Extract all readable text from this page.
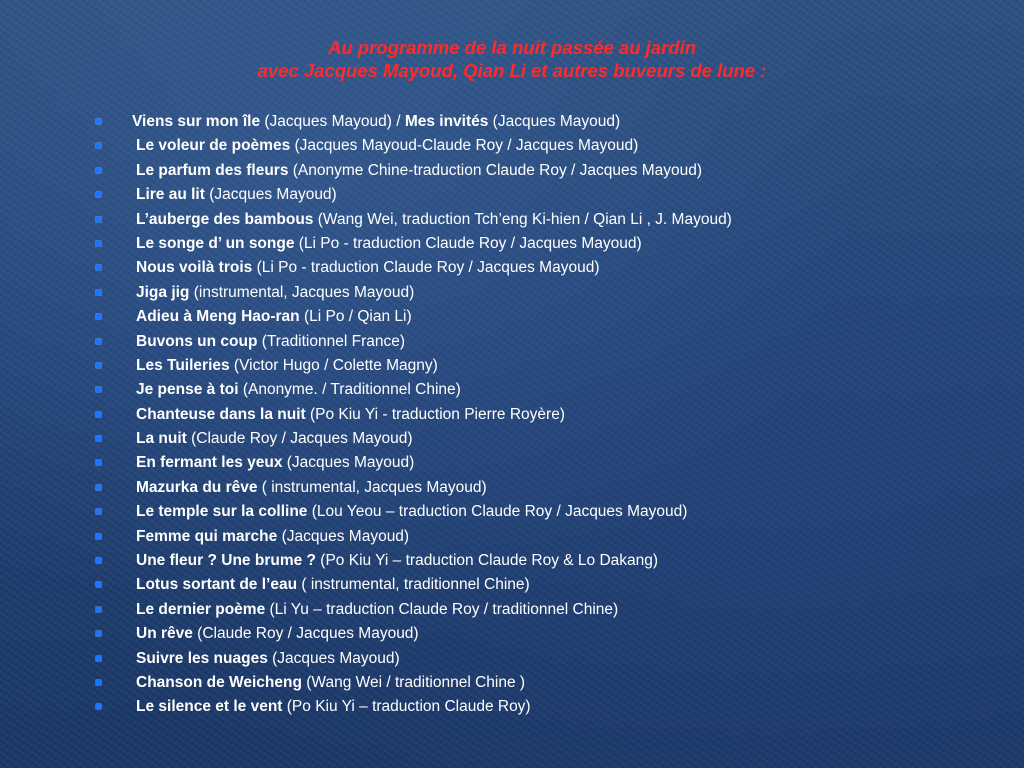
Au programme de la nuit passée au jardin
avec Jacques Mayoud, Qian Li et autres buveurs de lune :
Viens sur mon île (Jacques Mayoud) / Mes invités (Jacques Mayoud)
Le voleur de poèmes (Jacques Mayoud-Claude Roy / Jacques Mayoud)
Le parfum des fleurs (Anonyme Chine-traduction Claude Roy / Jacques Mayoud)
Lire au lit (Jacques Mayoud)
L’auberge des bambous (Wang Wei, traduction Tch’eng Ki-hien / Qian Li , J. Mayoud)
Le songe d’ un songe (Li Po - traduction Claude Roy / Jacques Mayoud)
Nous voilà trois (Li Po - traduction Claude Roy / Jacques Mayoud)
Jiga jig (instrumental, Jacques Mayoud)
Adieu à Meng Hao-ran (Li Po / Qian Li)
Buvons un coup (Traditionnel France)
Les Tuileries (Victor Hugo / Colette Magny)
Je pense à toi (Anonyme. / Traditionnel Chine)
Chanteuse dans la nuit (Po Kiu Yi - traduction Pierre Royère)
La nuit (Claude Roy / Jacques Mayoud)
En fermant les yeux (Jacques Mayoud)
Mazurka du rêve ( instrumental, Jacques Mayoud)
Le temple sur la colline (Lou Yeou – traduction Claude Roy / Jacques Mayoud)
Femme qui marche (Jacques Mayoud)
Une fleur ? Une brume ? (Po Kiu Yi – traduction Claude Roy & Lo Dakang)
Lotus sortant de l’eau ( instrumental, traditionnel Chine)
Le dernier poème (Li Yu – traduction Claude Roy / traditionnel Chine)
Un rêve (Claude Roy / Jacques Mayoud)
Suivre les nuages (Jacques Mayoud)
Chanson de Weicheng (Wang Wei / traditionnel Chine )
Le silence et le vent (Po Kiu Yi – traduction Claude Roy)
